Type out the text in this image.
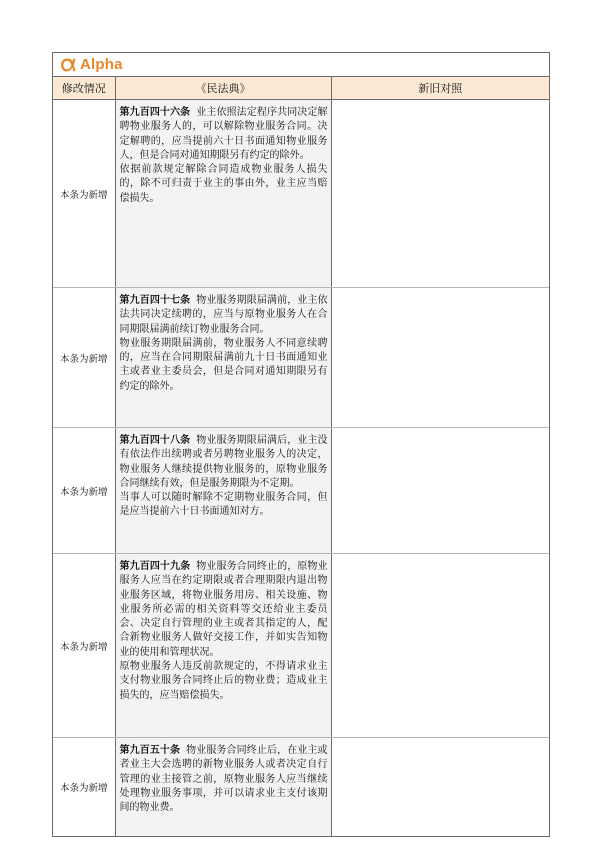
Alpha
修改情况	《民法典》	新旧对照
本条为新增	第九百四十六条 业主依照法定程序共同决定解聘物业服务人的，可以解除物业服务合同。决定解聘的，应当提前六十日书面通知物业服务人，但是合同对通知期限另有约定的除外。

依据前款规定解除合同造成物业服务人损失的，除不可归责于业主的事由外，业主应当赔偿损失。	

本条为新增	第九百四十七条 物业服务期限届满前，业主依法共同决定续聘的，应当与原物业服务人在合同期限届满前续订物业服务合同。

物业服务期限届满前，物业服务人不同意续聘的，应当在合同期限届满前九十日书面通知业主或者业主委员会，但是合同对通知期限另有约定的除外。	

本条为新增	第九百四十八条 物业服务期限届满后，业主没有依法作出续聘或者另聘物业服务人的决定，物业服务人继续提供物业服务的，原物业服务合同继续有效，但是服务期限为不定期。

当事人可以随时解除不定期物业服务合同，但是应当提前六十日书面通知对方。	

本条为新增	第九百四十九条 物业服务合同终止的，原物业服务人应当在约定期限或者合理期限内退出物业服务区域，将物业服务用房、相关设施、物业服务所必需的相关资料等交还给业主委员会、决定自行管理的业主或者其指定的人，配合新物业服务人做好交接工作，并如实告知物业的使用和管理状况。

原物业服务人违反前款规定的，不得请求业主支付物业服务合同终止后的物业费；造成业主损失的，应当赔偿损失。	

本条为新增	第九百五十条 物业服务合同终止后，在业主或者业主大会选聘的新物业服务人或者决定自行管理的业主接管之前，原物业服务人应当继续处理物业服务事项，并可以请求业主支付该期间的物业费。	
